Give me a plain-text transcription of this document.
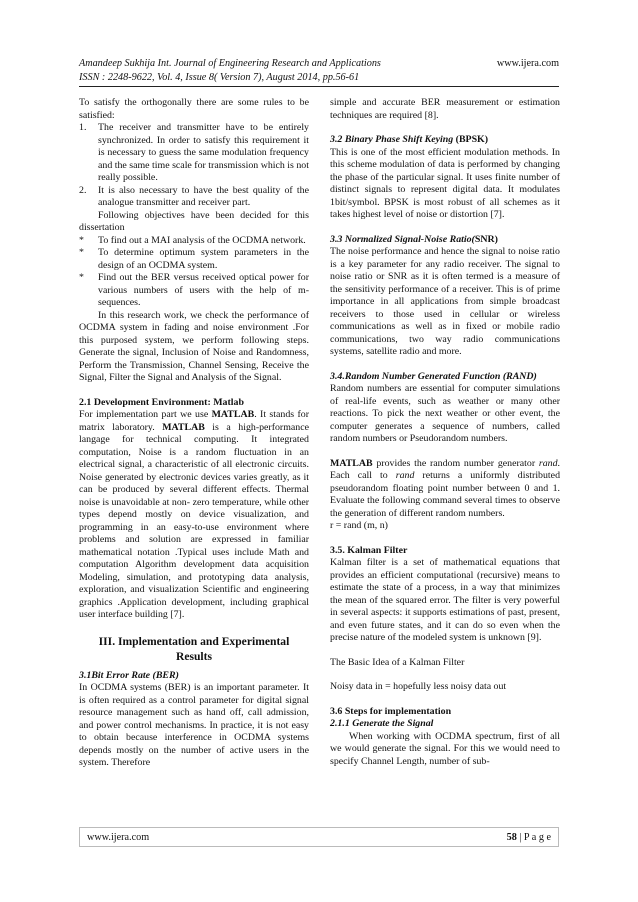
Amandeep Sukhija Int. Journal of Engineering Research and Applications	www.ijera.com
ISSN : 2248-9622, Vol. 4, Issue 8( Version 7), August 2014, pp.56-61

To satisfy the orthogonally there are some rules to be satisfied:

1.	The receiver and transmitter have to be entirely synchronized. In order to satisfy this requirement it is necessary to guess the same modulation frequency and the same time scale for transmission which is not really possible.
2.	It is also necessary to have the best quality of the analogue transmitter and receiver part.

Following objectives have been decided for this dissertation

*	To find out a MAI analysis of the OCDMA network.
*	To determine optimum system parameters in the design of an OCDMA system.
*	Find out the BER versus received optical power for various numbers of users with the help of m-sequences.

In this research work, we check the performance of OCDMA system in fading and noise environment .For this purposed system, we perform following steps. Generate the signal, Inclusion of Noise and Randomness, Perform the Transmission, Channel Sensing, Receive the Signal, Filter the Signal and Analysis of the Signal.

2.1 Development Environment: Matlab

For implementation part we use MATLAB. It stands for matrix laboratory. MATLAB is a high-performance langage for technical computing. It integrated computation, Noise is a random fluctuation in an electrical signal, a characteristic of all electronic circuits. Noise generated by electronic devices varies greatly, as it can be produced by several different effects. Thermal noise is unavoidable at non- zero temperature, while other types depend mostly on device visualization, and programming in an easy-to-use environment where problems and solution are expressed in familiar mathematical notation .Typical uses include Math and computation Algorithm development data acquisition Modeling, simulation, and prototyping data analysis, exploration, and visualization Scientific and engineering graphics .Application development, including graphical user interface building [7].

III. Implementation and Experimental Results

3.1Bit Error Rate (BER)

In OCDMA systems (BER) is an important parameter. It is often required as a control parameter for digital signal resource management such as hand off, call admission, and power control mechanisms. In practice, it is not easy to obtain because interference in OCDMA systems depends mostly on the number of active users in the system. Therefore

simple and accurate BER measurement or estimation techniques are required [8].

3.2 Binary Phase Shift Keying (BPSK)

This is one of the most efficient modulation methods. In this scheme modulation of data is performed by changing the phase of the particular signal. It uses finite number of distinct signals to represent digital data. It modulates 1bit/symbol. BPSK is most robust of all schemes as it takes highest level of noise or distortion [7].

3.3 Normalized Signal-Noise Ratio(SNR)

The noise performance and hence the signal to noise ratio is a key parameter for any radio receiver. The signal to noise ratio or SNR as it is often termed is a measure of the sensitivity performance of a receiver. This is of prime importance in all applications from simple broadcast receivers to those used in cellular or wireless communications as well as in fixed or mobile radio communications, two way radio communications systems, satellite radio and more.

3.4.Random Number Generated Function (RAND)

Random numbers are essential for computer simulations of real-life events, such as weather or many other reactions. To pick the next weather or other event, the computer generates a sequence of numbers, called random numbers or Pseudorandom numbers.

MATLAB provides the random number generator rand. Each call to rand returns a uniformly distributed pseudorandom floating point number between 0 and 1. Evaluate the following command several times to observe the generation of different random numbers.

r = rand (m, n)

3.5. Kalman Filter

Kalman filter is a set of mathematical equations that provides an efficient computational (recursive) means to estimate the state of a process, in a way that minimizes the mean of the squared error. The filter is very powerful in several aspects: it supports estimations of past, present, and even future states, and it can do so even when the precise nature of the modeled system is unknown [9].

The Basic Idea of a Kalman Filter

Noisy data in = hopefully less noisy data out

3.6 Steps for implementation

2.1.1 Generate the Signal

When working with OCDMA spectrum, first of all we would generate the signal. For this we would need to specify Channel Length, number of sub-

www.ijera.com	58 | P a g e
